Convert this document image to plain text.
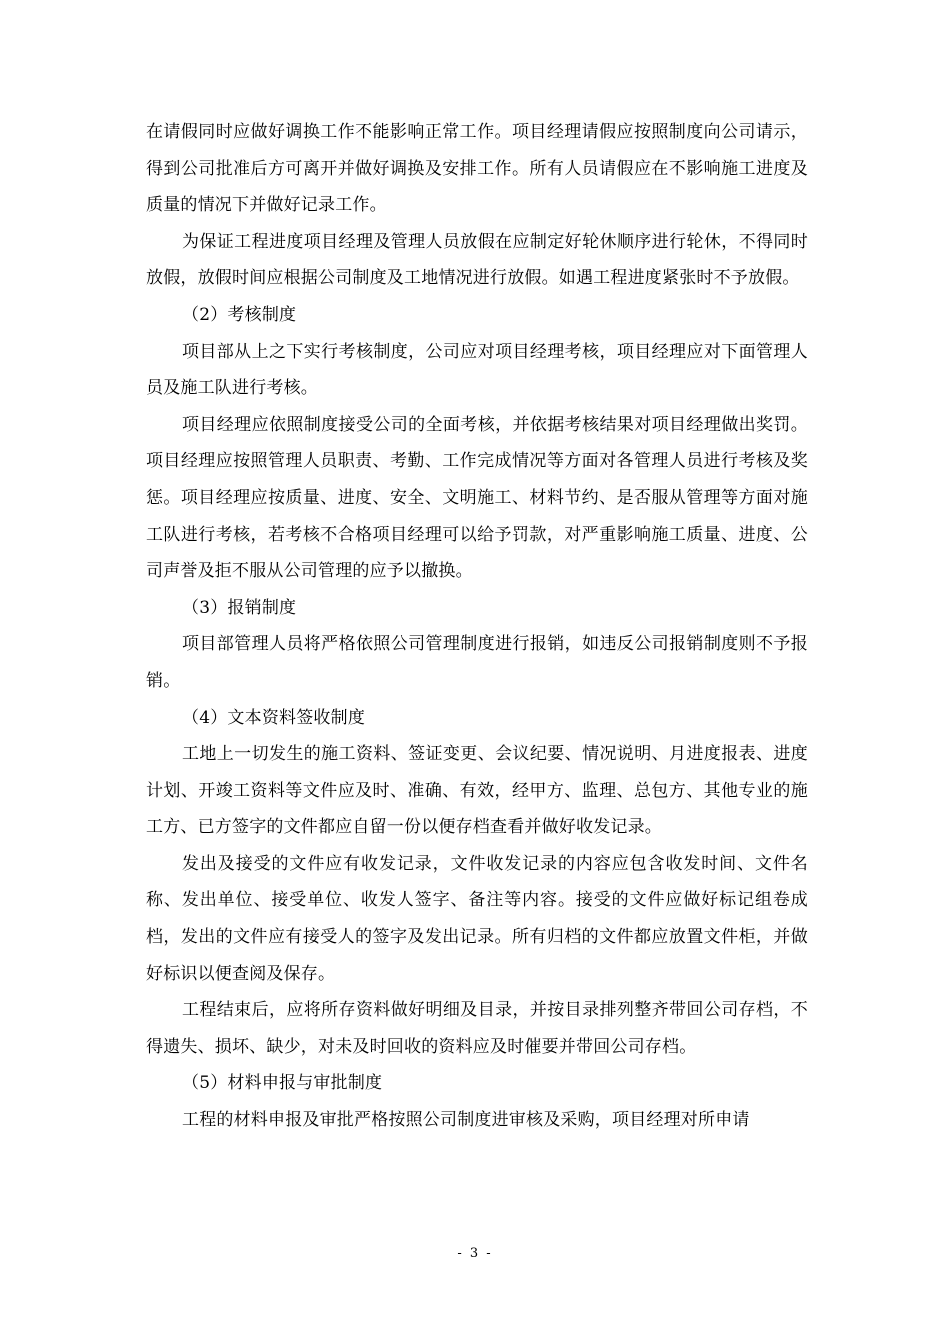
在请假同时应做好调换工作不能影响正常工作。项目经理请假应按照制度向公司请示，得到公司批准后方可离开并做好调换及安排工作。所有人员请假应在不影响施工进度及质量的情况下并做好记录工作。

为保证工程进度项目经理及管理人员放假在应制定好轮休顺序进行轮休，不得同时放假，放假时间应根据公司制度及工地情况进行放假。如遇工程进度紧张时不予放假。

（2）考核制度

项目部从上之下实行考核制度，公司应对项目经理考核，项目经理应对下面管理人员及施工队进行考核。

项目经理应依照制度接受公司的全面考核，并依据考核结果对项目经理做出奖罚。项目经理应按照管理人员职责、考勤、工作完成情况等方面对各管理人员进行考核及奖惩。项目经理应按质量、进度、安全、文明施工、材料节约、是否服从管理等方面对施工队进行考核，若考核不合格项目经理可以给予罚款，对严重影响施工质量、进度、公司声誉及拒不服从公司管理的应予以撤换。

（3）报销制度

项目部管理人员将严格依照公司管理制度进行报销，如违反公司报销制度则不予报销。

（4）文本资料签收制度

工地上一切发生的施工资料、签证变更、会议纪要、情况说明、月进度报表、进度计划、开竣工资料等文件应及时、准确、有效，经甲方、监理、总包方、其他专业的施工方、已方签字的文件都应自留一份以便存档查看并做好收发记录。

发出及接受的文件应有收发记录，文件收发记录的内容应包含收发时间、文件名称、发出单位、接受单位、收发人签字、备注等内容。接受的文件应做好标记组卷成档，发出的文件应有接受人的签字及发出记录。所有归档的文件都应放置文件柜，并做好标识以便查阅及保存。

工程结束后，应将所存资料做好明细及目录，并按目录排列整齐带回公司存档，不得遗失、损坏、缺少，对未及时回收的资料应及时催要并带回公司存档。

（5）材料申报与审批制度

工程的材料申报及审批严格按照公司制度进审核及采购，项目经理对所申请

- 3 -
